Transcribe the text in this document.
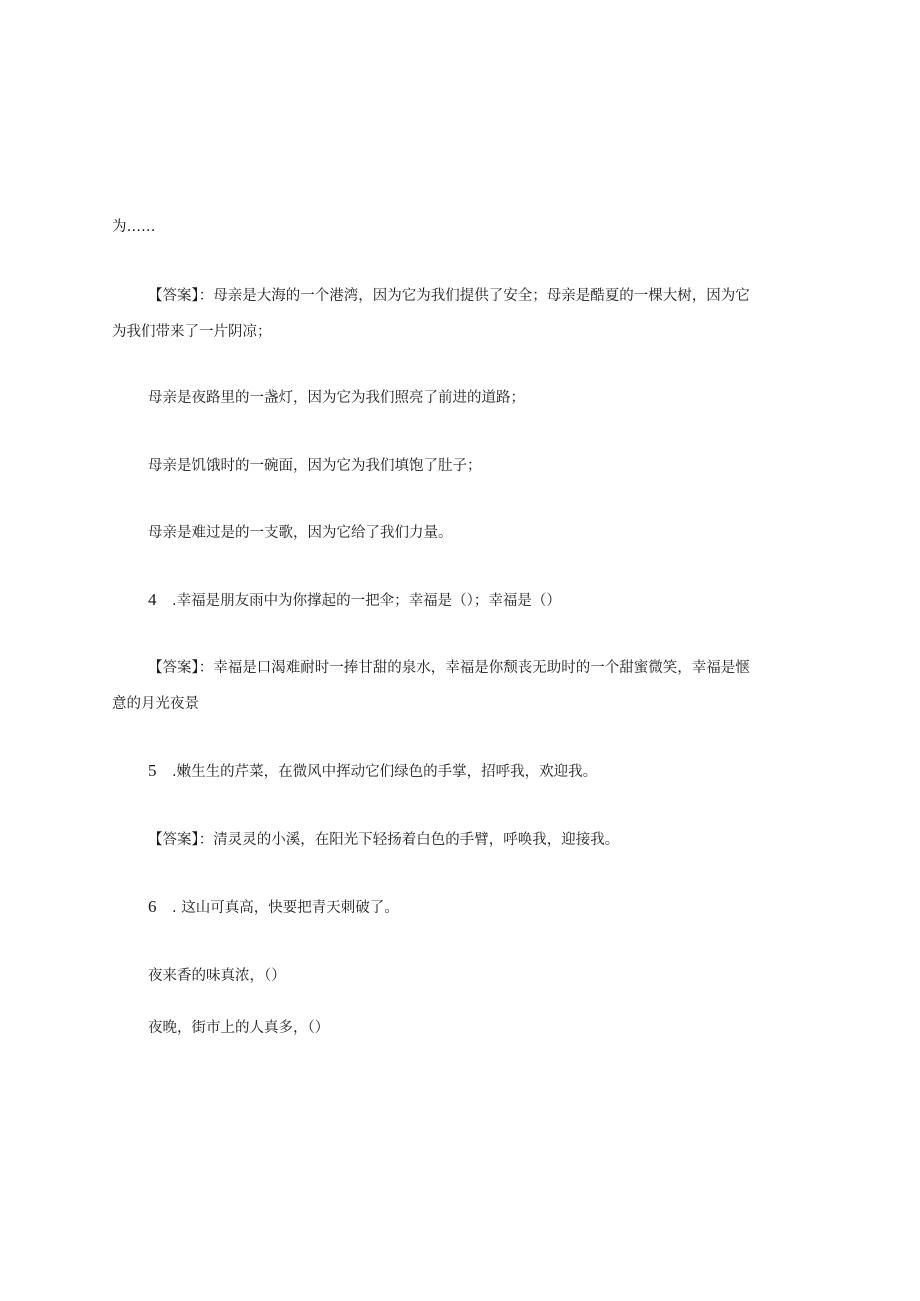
为……
【答案】：母亲是大海的一个港湾，因为它为我们提供了安全；母亲是酷夏的一棵大树，因为它
为我们带来了一片阴凉；
母亲是夜路里的一盏灯，因为它为我们照亮了前进的道路；
母亲是饥饿时的一碗面，因为它为我们填饱了肚子；
母亲是难过是的一支歌，因为它给了我们力量。
4 .幸福是朋友雨中为你撑起的一把伞；幸福是（）；幸福是（）
【答案】：幸福是口渴难耐时一捧甘甜的泉水，幸福是你颓丧无助时的一个甜蜜微笑，幸福是惬
意的月光夜景
5 .嫩生生的芹菜，在微风中挥动它们绿色的手掌，招呼我，欢迎我。
【答案】：清灵灵的小溪，在阳光下轻扬着白色的手臂，呼唤我，迎接我。
6 . 这山可真高，快要把青天刺破了。
夜来香的味真浓，（）
夜晚，街市上的人真多，（）
